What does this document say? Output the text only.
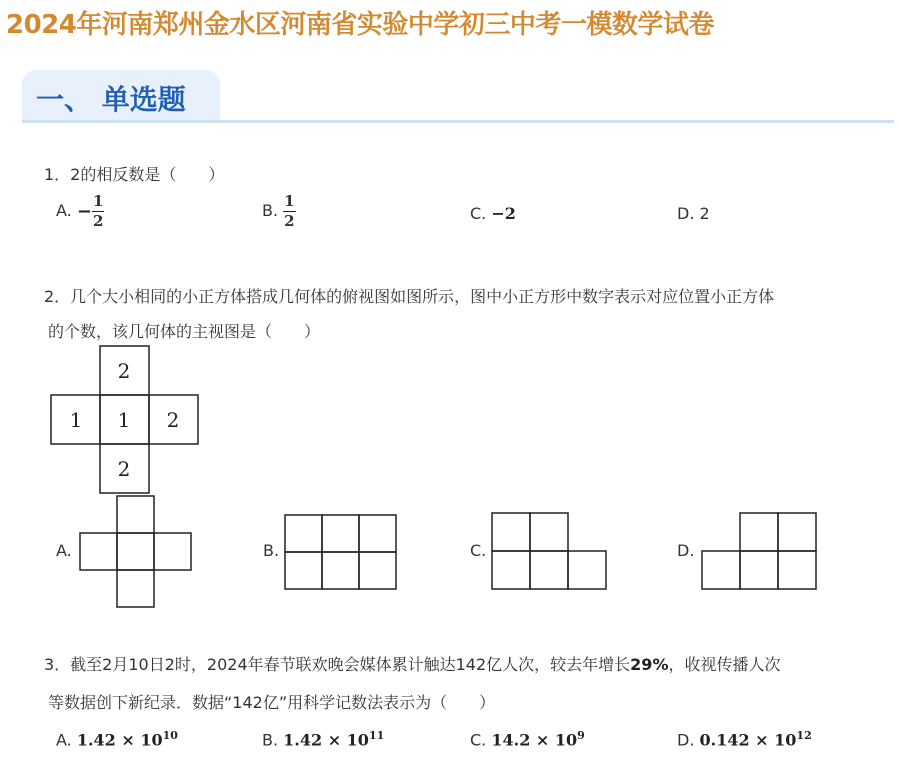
2024年河南郑州金水区河南省实验中学初三中考一模数学试卷
一、 单选题
1．2的相反数是（　　）
A. − $\frac{1}{2}$	B. $\frac{1}{2}$	C. −2	D. 2
2．几个大小相同的小正方体搭成几何体的俯视图如图所示，图中小正方形中数字表示对应位置小正方体
的个数，该几何体的主视图是（　　）
2
1 1 2
2
A.	B.	C.	D.
3．截至2月10日2时，2024年春节联欢晚会媒体累计触达142亿人次，较去年增长29%，收视传播人次
等数据创下新纪录．数据“142亿”用科学记数法表示为（　　）
A. $1.42 \times 10^{10}$	B. $1.42 \times 10^{11}$	C. $14.2 \times 10^9$	D. $0.142 \times 10^{12}$
